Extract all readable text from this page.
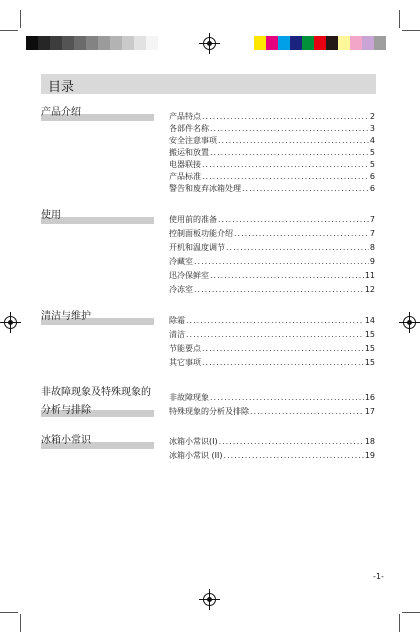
目录
产品介绍	产品特点 .....	2
各部件名称 .....	3
安全注意事项 .....	4
搬运和放置 .....	5
电器联接 .....	5
产品标准 .....	6
警告和废弃冰箱处理 .....	6
使用	使用前的准备 .....	7
控制面板功能介绍 .....	7
开机和温度调节 .....	8
冷藏室 .....	9
迅冷保鲜室 .....	11
冷冻室 .....	12
清洁与维护	除霜 .....	14
清洁 .....	15
节能要点 .....	15
其它事项 .....	15
非故障现象及特殊现象的
分析与排除
非故障现象 .....	16
特殊现象的分析及排除 .....	17
冰箱小常识	冰箱小常识(I) .....	18
冰箱小常识 (II) .....	19
-1-
